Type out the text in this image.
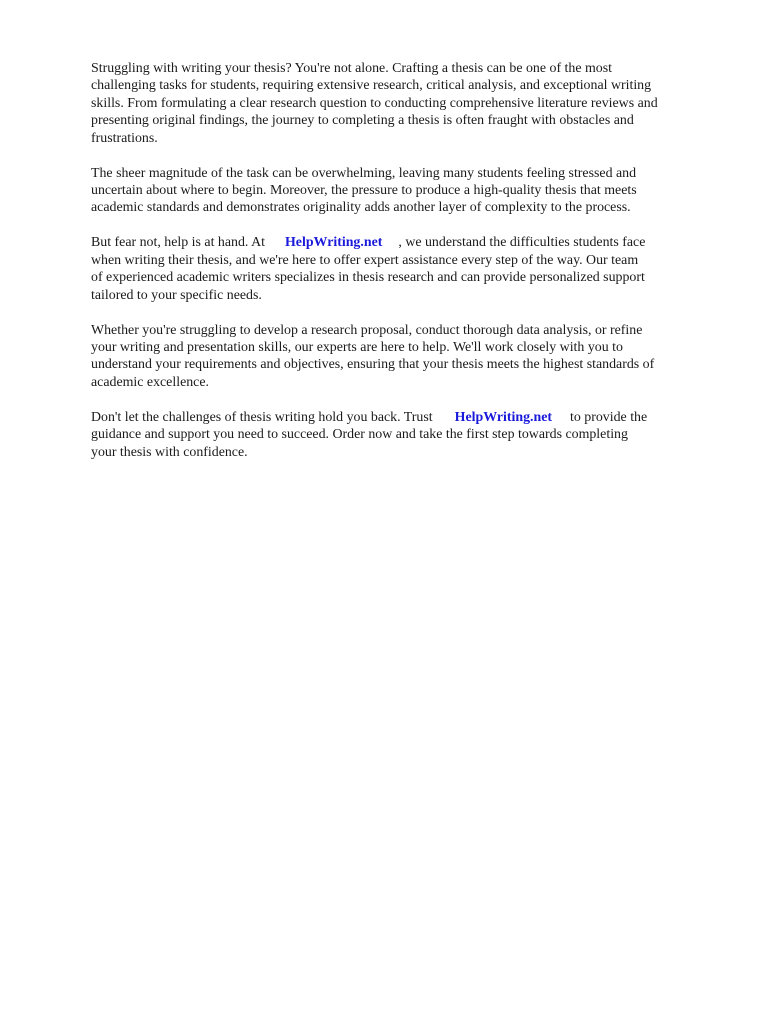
Struggling with writing your thesis? You're not alone. Crafting a thesis can be one of the most
challenging tasks for students, requiring extensive research, critical analysis, and exceptional writing
skills. From formulating a clear research question to conducting comprehensive literature reviews and
presenting original findings, the journey to completing a thesis is often fraught with obstacles and
frustrations.

The sheer magnitude of the task can be overwhelming, leaving many students feeling stressed and
uncertain about where to begin. Moreover, the pressure to produce a high-quality thesis that meets
academic standards and demonstrates originality adds another layer of complexity to the process.

But fear not, help is at hand. At HelpWriting.net , we understand the difficulties students face
when writing their thesis, and we're here to offer expert assistance every step of the way. Our team
of experienced academic writers specializes in thesis research and can provide personalized support
tailored to your specific needs.

Whether you're struggling to develop a research proposal, conduct thorough data analysis, or refine
your writing and presentation skills, our experts are here to help. We'll work closely with you to
understand your requirements and objectives, ensuring that your thesis meets the highest standards of
academic excellence.

Don't let the challenges of thesis writing hold you back. Trust HelpWriting.net to provide the
guidance and support you need to succeed. Order now and take the first step towards completing
your thesis with confidence.
